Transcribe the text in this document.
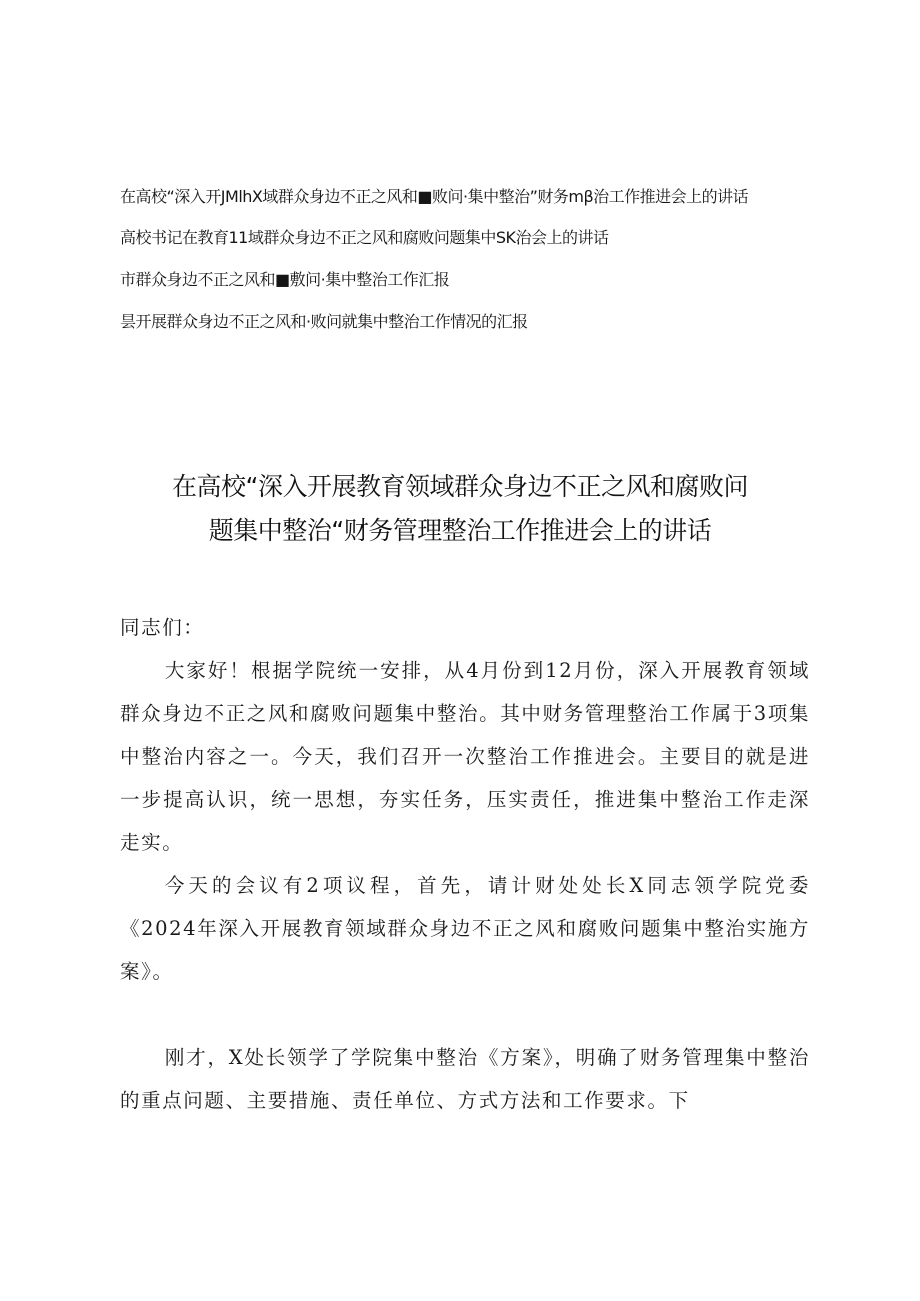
在高校“深入开JMlhX域群众身边不正之风和■败问·集中整治”财务mβ治工作推进会上的讲话
高校书记在教育11域群众身边不正之风和腐败问题集中SK治会上的讲话
市群众身边不正之风和■敷问·集中整治工作汇报
昙开展群众身边不正之风和·败问就集中整治工作情况的汇报
在高校“深入开展教育领域群众身边不正之风和腐败问
题集中整治“财务管理整治工作推进会上的讲话

同志们：

大家好！根据学院统一安排，从4月份到12月份，深入开展教育领域群众身边不正之风和腐败问题集中整治。其中财务管理整治工作属于3项集中整治内容之一。今天，我们召开一次整治工作推进会。主要目的就是进一步提高认识，统一思想，夯实任务，压实责任，推进集中整治工作走深走实。

今天的会议有2项议程，首先，请计财处处长X同志领学院党委《2024年深入开展教育领域群众身边不正之风和腐败问题集中整治实施方案》。

刚才，X处长领学了学院集中整治《方案》，明确了财务管理集中整治的重点问题、主要措施、责任单位、方式方法和工作要求。下
